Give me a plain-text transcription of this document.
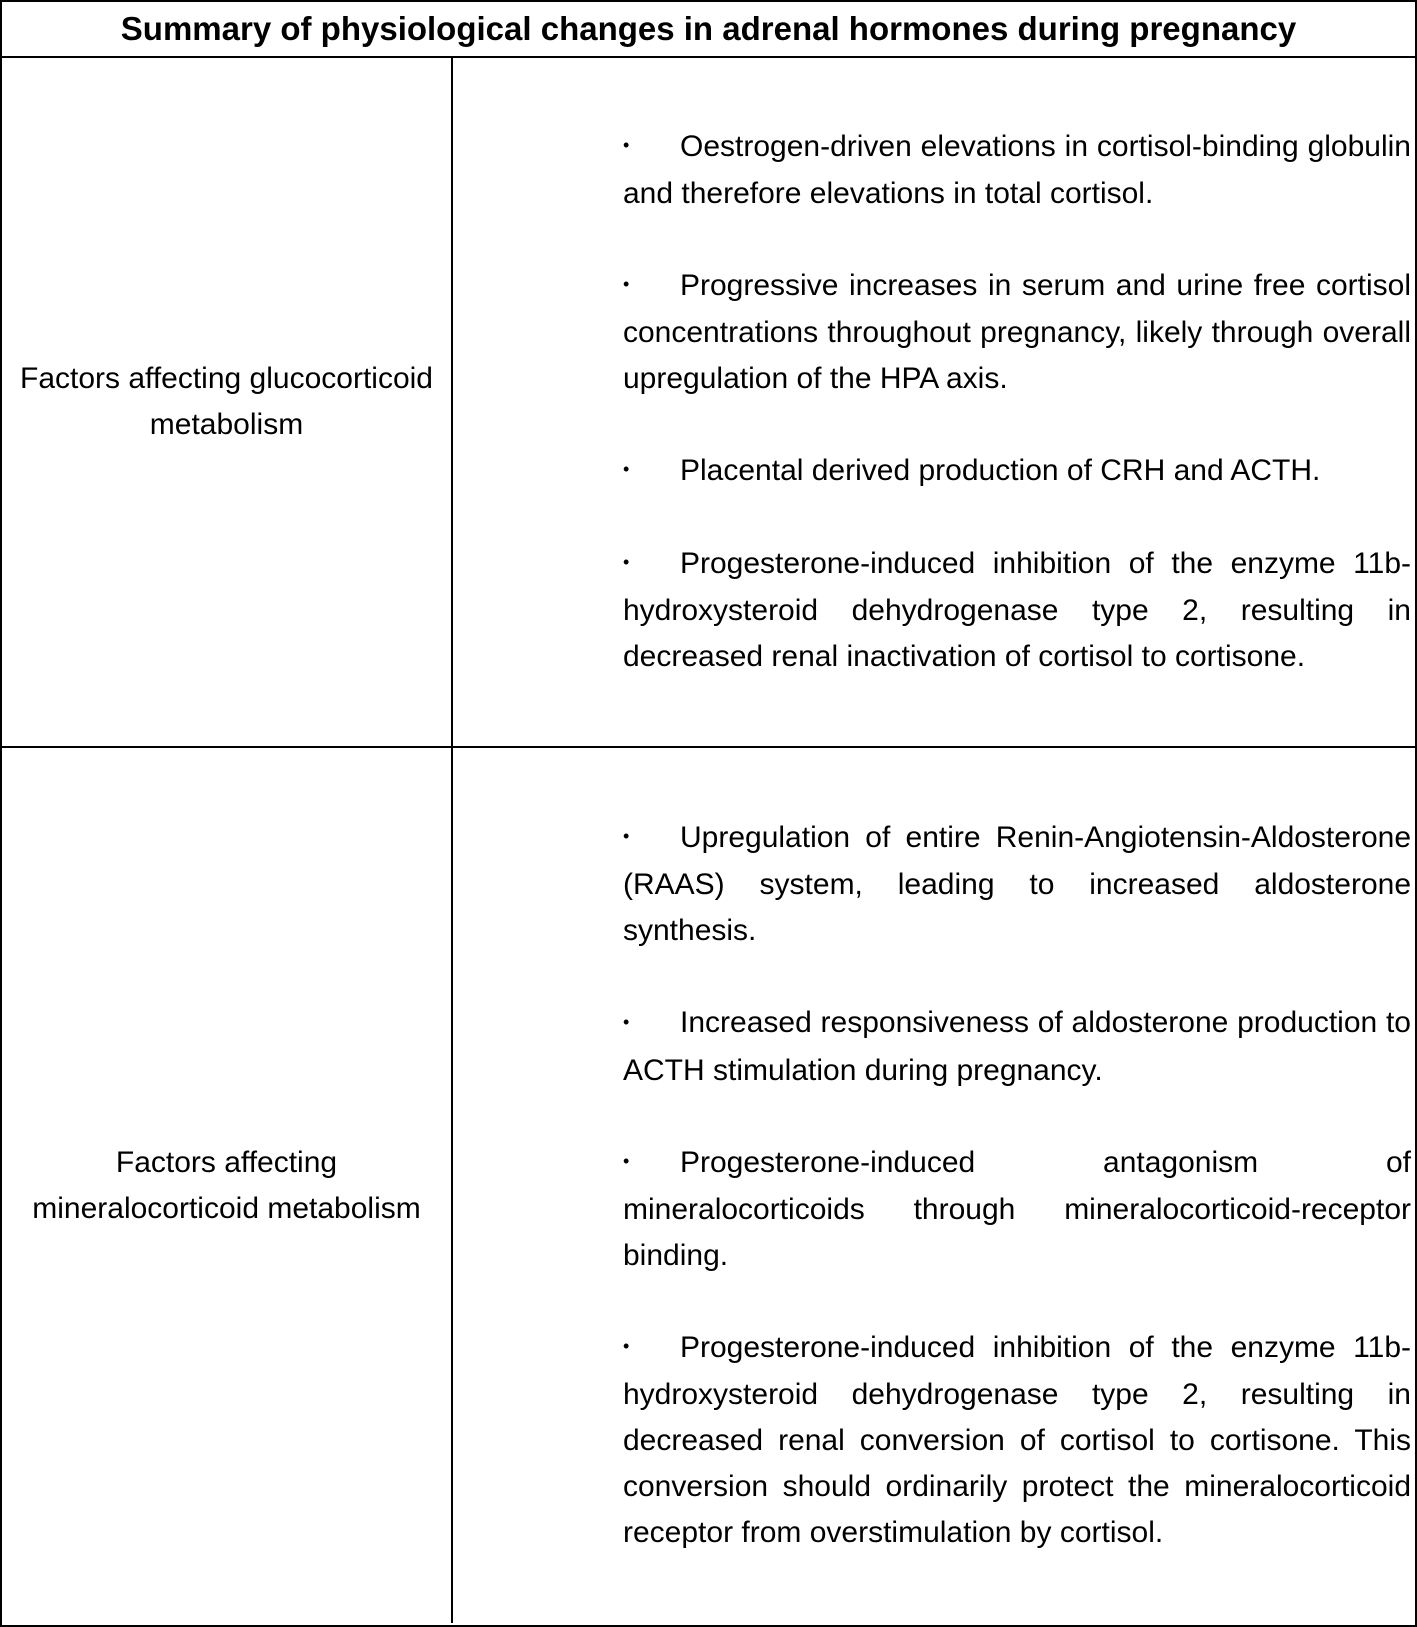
Summary of physiological changes in adrenal hormones during pregnancy
Factors affecting glucocorticoid metabolism
• Oestrogen-driven elevations in cortisol-binding globulin and therefore elevations in total cortisol.
• Progressive increases in serum and urine free cortisol concentrations throughout pregnancy, likely through overall upregulation of the HPA axis.
• Placental derived production of CRH and ACTH.
• Progesterone-induced inhibition of the enzyme 11b-hydroxysteroid dehydrogenase type 2, resulting in decreased renal inactivation of cortisol to cortisone.
Factors affecting mineralocorticoid metabolism
• Upregulation of entire Renin-Angiotensin-Aldosterone (RAAS) system, leading to increased aldosterone synthesis.
• Increased responsiveness of aldosterone production to ACTH stimulation during pregnancy.
• Progesterone-induced antagonism of mineralocorticoids through mineralocorticoid-receptor binding.
• Progesterone-induced inhibition of the enzyme 11b-hydroxysteroid dehydrogenase type 2, resulting in decreased renal conversion of cortisol to cortisone. This conversion should ordinarily protect the mineralocorticoid receptor from overstimulation by cortisol.
